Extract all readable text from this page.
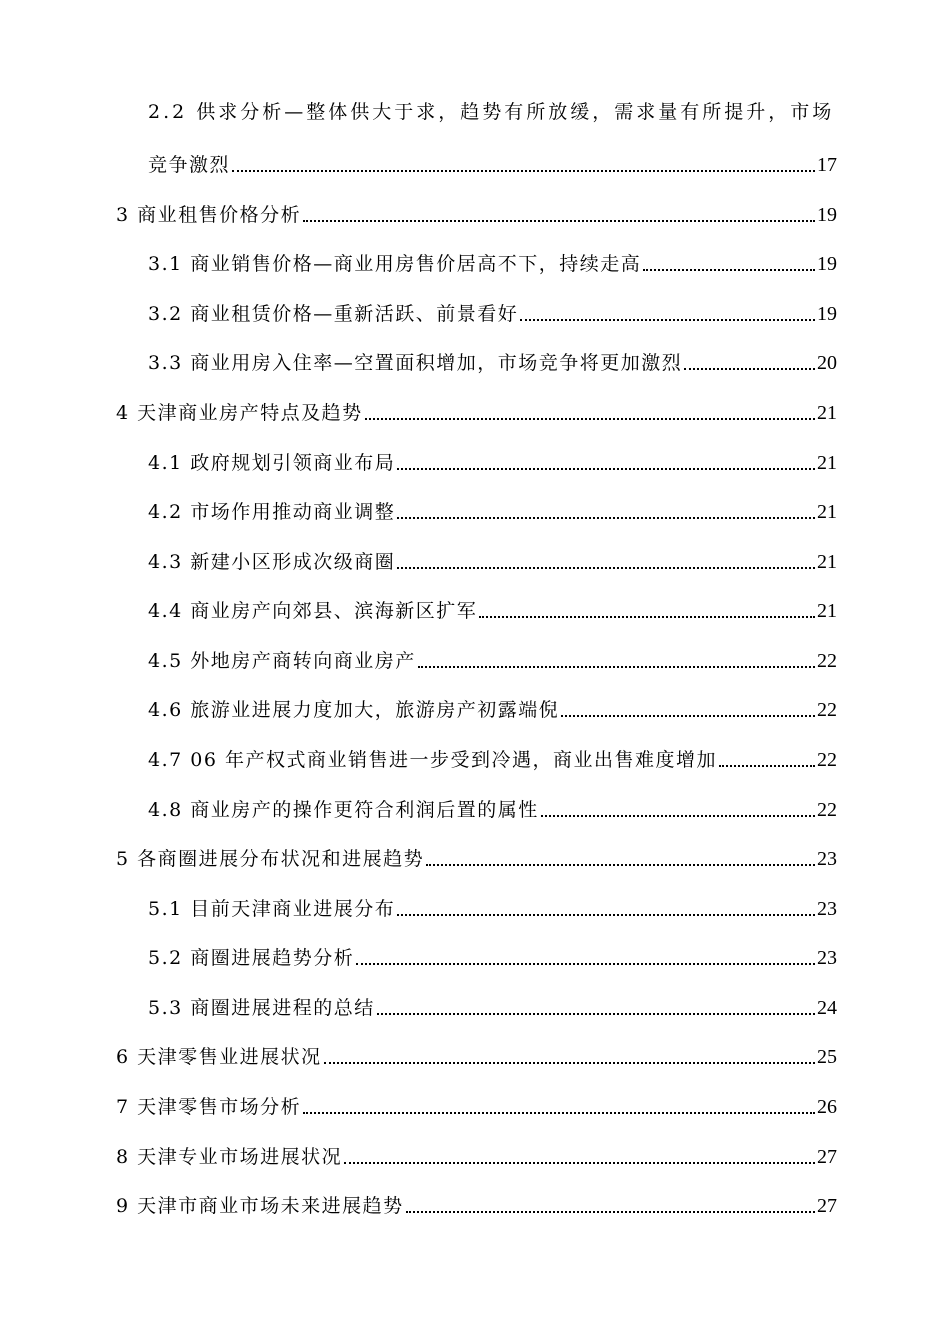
2.2 供求分析—整体供大于求，趋势有所放缓，需求量有所提升，市场
竞争激烈	17
3 商业租售价格分析	19
3.1 商业销售价格—商业用房售价居高不下，持续走高	19
3.2 商业租赁价格—重新活跃、前景看好	19
3.3 商业用房入住率—空置面积增加，市场竞争将更加激烈	20
4 天津商业房产特点及趋势	21
4.1 政府规划引领商业布局	21
4.2 市场作用推动商业调整	21
4.3 新建小区形成次级商圈	21
4.4 商业房产向郊县、滨海新区扩军	21
4.5 外地房产商转向商业房产	22
4.6 旅游业进展力度加大，旅游房产初露端倪	22
4.7 06 年产权式商业销售进一步受到冷遇，商业出售难度增加	22
4.8 商业房产的操作更符合利润后置的属性	22
5 各商圈进展分布状况和进展趋势	23
5.1 目前天津商业进展分布	23
5.2 商圈进展趋势分析	23
5.3 商圈进展进程的总结	24
6 天津零售业进展状况	25
7 天津零售市场分析	26
8 天津专业市场进展状况	27
9 天津市商业市场未来进展趋势	27
